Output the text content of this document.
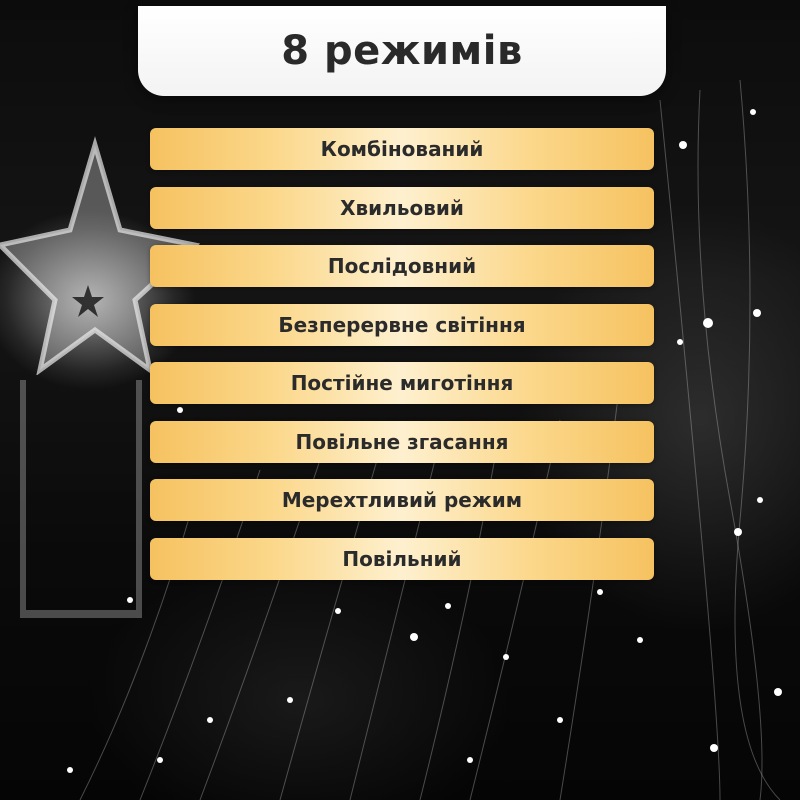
8 режимів
Комбінований
Хвильовий
Послідовний
Безперервне світіння
Постійне миготіння
Повільне згасання
Мерехтливий режим
Повільний
